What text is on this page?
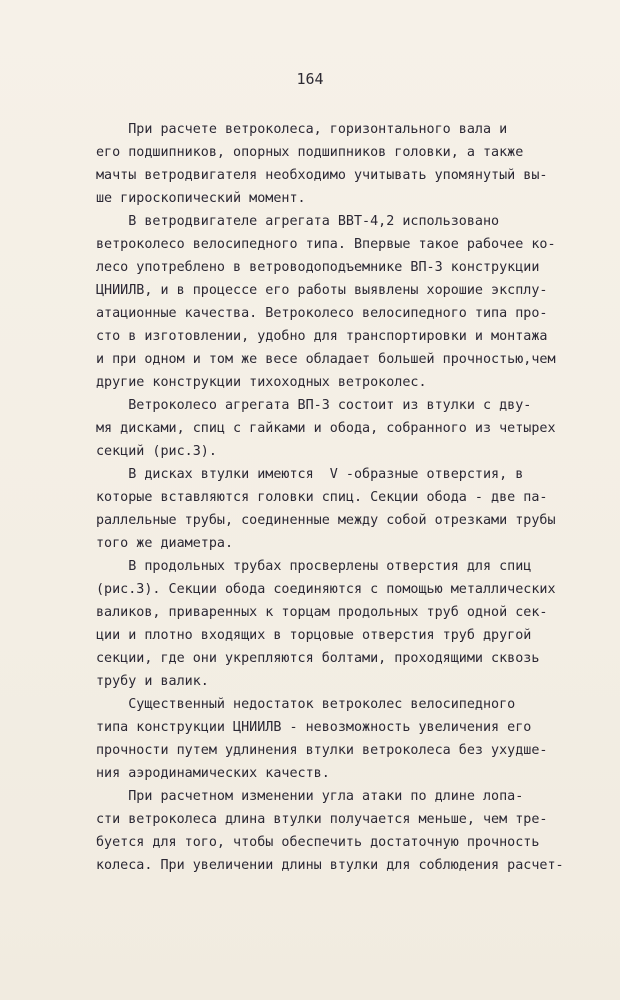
164
При расчете ветроколеса, горизонтального вала и
его подшипников, опорных подшипников головки, а также
мачты ветродвигателя необходимо учитывать упомянутый вы-
ше гироскопический момент.
В ветродвигателе агрегата ВВТ-4,2 использовано
ветроколесо велосипедного типа. Впервые такое рабочее ко-
лесо употреблено в ветроводоподъемнике ВП-3 конструкции
ЦНИИЛВ, и в процессе его работы выявлены хорошие эксплу-
атационные качества. Ветроколесо велосипедного типа про-
сто в изготовлении, удобно для транспортировки и монтажа
и при одном и том же весе обладает большей прочностью,чем
другие конструкции тихоходных ветроколес.
Ветроколесо агрегата ВП-3 состоит из втулки с дву-
мя дисками, спиц с гайками и обода, собранного из четырех
секций (рис.3).
В дисках втулки имеются  V -образные отверстия, в
которые вставляются головки спиц. Секции обода - две па-
раллельные трубы, соединенные между собой отрезками трубы
того же диаметра.
В продольных трубах просверлены отверстия для спиц
(рис.3). Секции обода соединяются с помощью металлических
валиков, приваренных к торцам продольных труб одной сек-
ции и плотно входящих в торцовые отверстия труб другой
секции, где они укрепляются болтами, проходящими сквозь
трубу и валик.
Существенный недостаток ветроколес велосипедного
типа конструкции ЦНИИЛВ - невозможность увеличения его
прочности путем удлинения втулки ветроколеса без ухудше-
ния аэродинамических качеств.
При расчетном изменении угла атаки по длине лопа-
сти ветроколеса длина втулки получается меньше, чем тре-
буется для того, чтобы обеспечить достаточную прочность
колеса. При увеличении длины втулки для соблюдения расчет-
